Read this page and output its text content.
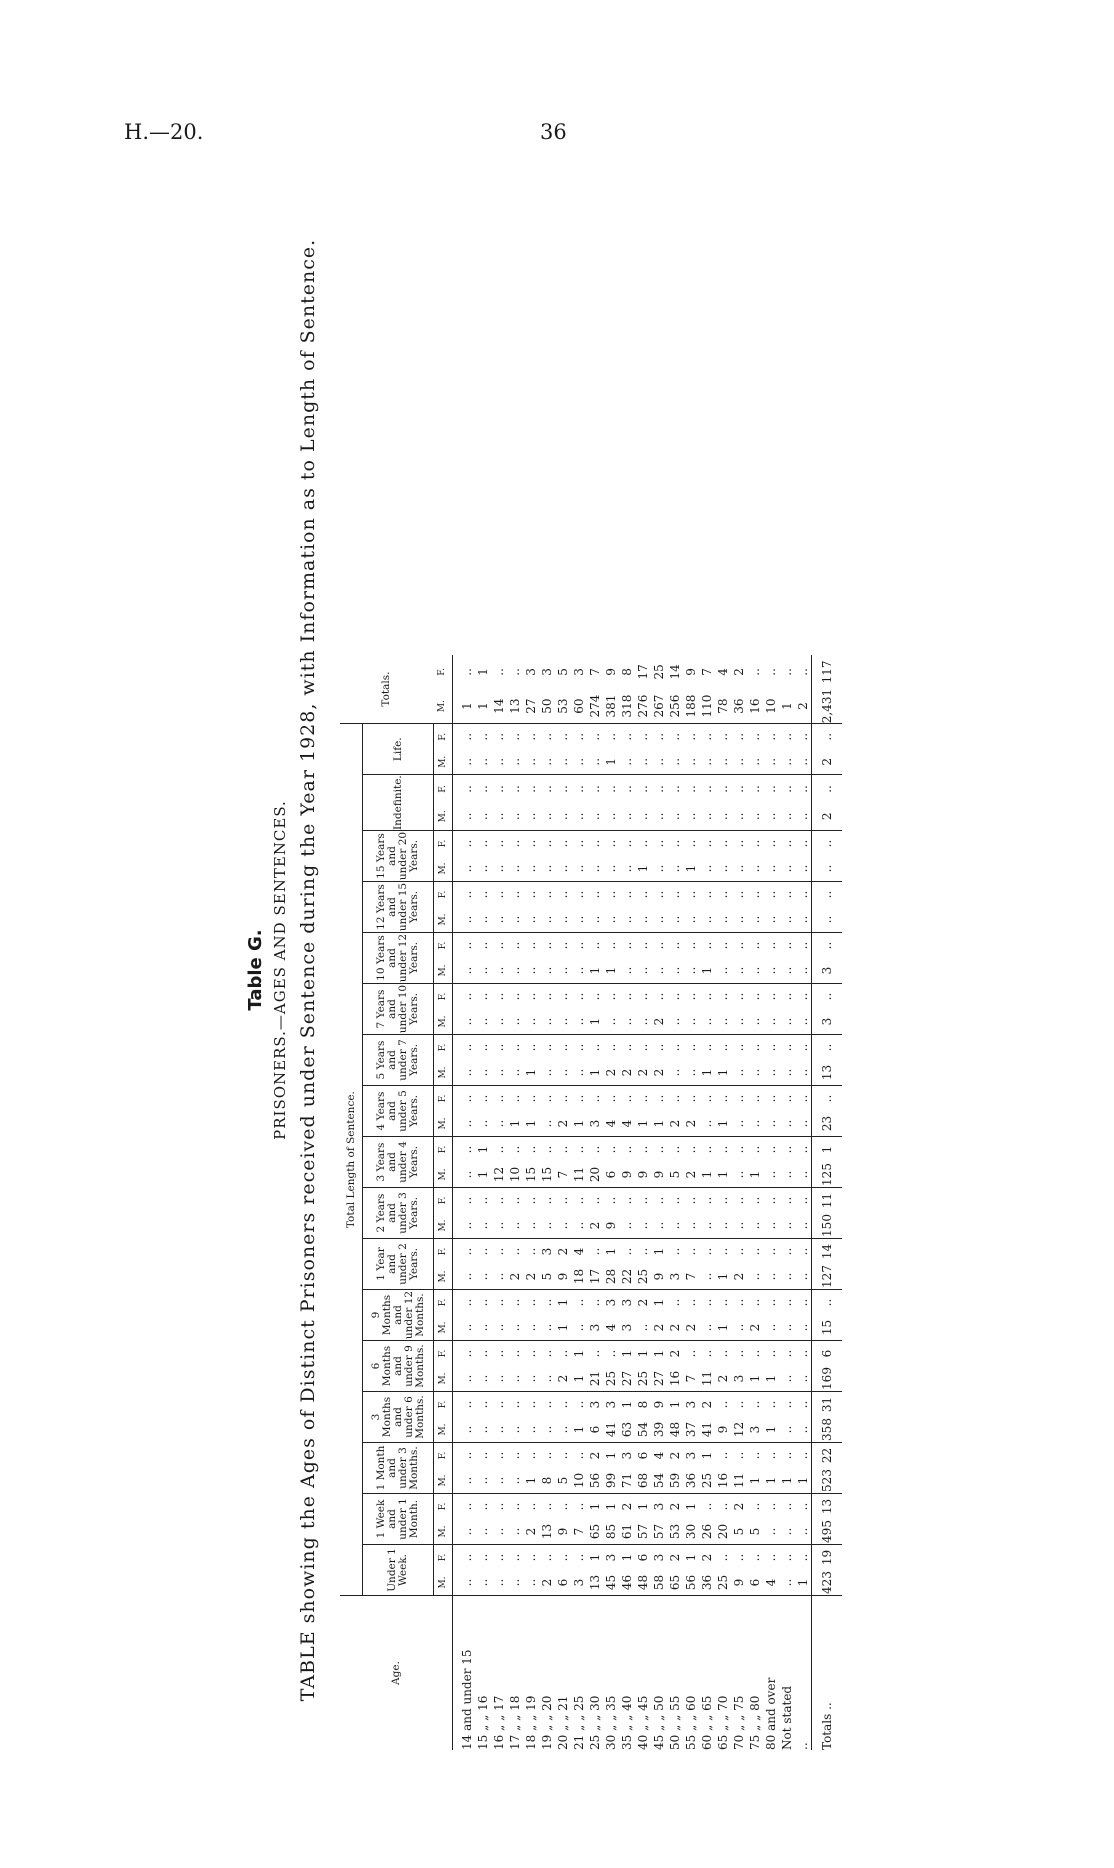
H.—20.	36
Table G. PRISONERS.—AGES AND SENTENCES. TABLE showing the Ages of Distinct Prisoners received under Sentence during the Year 1928, with Information as to Length of Sentence.	Age.	Total Length of Sentence.																																		Totals.	
	Under 1 Week.		1 Week and under 1 Month.		1 Month and under 3 Months.		3 Months and under 6 Months.		6 Months and under 9 Months.		9 Months and under 12 Months.		1 Year and under 2 Years.		2 Years and under 3 Years.		3 Years and under 4 Years.		4 Years and under 5 Years.		5 Years and under 7 Years.		7 Years and under 10 Years.		10 Years and under 12 Years.		12 Years and under 15 Years.		15 Years and under 20 Years.		Indefinite.		Life.			
	M.	F.	M.	F.	M.	F.	M.	F.	M.	F.	M.	F.	M.	F.	M.	F.	M.	F.	M.	F.	M.	F.	M.	F.	M.	F.	M.	F.	M.	F.	M.	F.	M.	F.	M.	F.

14 and under 15	..	..	..	..	..	..	..	..	..	..	..	..	..	..	..	..	..	..	..	..	..	..	..	..	..	..	..	..	..	..	..	..	..	..	1	..
15 „ „ 16	..	..	..	..	..	..	..	..	..	..	..	..	..	..	..	..	1	1	..	..	..	..	..	..	..	..	..	..	..	..	..	..	..	..	1	1
16 „ „ 17	..	..	..	..	..	..	..	..	..	..	..	..	..	..	..	..	12	..	..	..	..	..	..	..	..	..	..	..	..	..	..	..	..	..	14	..
17 „ „ 18	..	..	..	..	..	..	..	..	..	..	..	..	2	..	..	..	10	..	1	..	..	..	..	..	..	..	..	..	..	..	..	..	..	..	13	..
18 „ „ 19	..	..	2	..	1	..	..	..	..	..	..	..	2	..	..	..	15	..	1	..	1	..	..	..	..	..	..	..	..	..	..	..	..	..	27	3
19 „ „ 20	2	..	13	..	8	..	..	..	..	..	..	..	5	3	..	..	15	..	..	..	..	..	..	..	..	..	..	..	..	..	..	..	..	..	50	3
20 „ „ 21	6	..	9	..	5	..	..	..	2	..	1	1	9	2	..	..	7	..	2	..	..	..	..	..	..	..	..	..	..	..	..	..	..	..	53	5
21 „ „ 25	3	..	7	..	10	..	1	..	1	1	..	..	18	4	..	..	11	..	1	..	..	..	..	..	..	..	..	..	..	..	..	..	..	..	60	3
25 „ „ 30	13	1	65	1	56	2	6	3	21	..	3	..	17	..	2	..	20	..	3	..	1	..	1	..	1	..	..	..	..	..	..	..	..	..	274	7
30 „ „ 35	45	3	85	1	99	1	41	3	25	..	4	3	28	1	9	..	6	..	4	..	2	..	..	..	1	..	..	..	..	..	..	..	1	..	381	9
35 „ „ 40	46	1	61	2	71	3	63	1	27	1	3	3	22	..	..	..	9	..	4	..	2	..	..	..	..	..	..	..	..	..	..	..	..	..	318	8
40 „ „ 45	48	6	57	1	68	6	54	8	25	1	..	2	25	..	..	..	9	..	1	..	2	..	..	..	..	..	..	..	1	..	..	..	..	..	276	17
45 „ „ 50	58	3	57	3	54	4	39	9	27	1	2	1	9	1	..	..	9	..	1	..	2	..	2	..	..	..	..	..	..	..	..	..	..	..	267	25
50 „ „ 55	65	2	53	2	59	2	48	1	16	2	2	..	3	..	..	..	5	..	2	..	..	..	..	..	..	..	..	..	..	..	..	..	..	..	256	14
55 „ „ 60	56	1	30	1	36	3	37	3	7	..	2	..	7	..	..	..	2	..	2	..	..	..	..	..	..	..	..	..	1	..	..	..	..	..	188	9
60 „ „ 65	36	2	26	..	25	1	41	2	11	..	..	..	..	..	..	..	1	..	..	..	1	..	..	..	1	..	..	..	..	..	..	..	..	..	110	7
65 „ „ 70	25	..	20	..	16	..	9	..	2	..	1	..	1	..	..	..	1	..	1	..	1	..	..	..	..	..	..	..	..	..	..	..	..	..	78	4
70 „ „ 75	9	..	5	2	11	..	12	..	3	..	..	..	2	..	..	..	..	..	..	..	..	..	..	..	..	..	..	..	..	..	..	..	..	..	36	2
75 „ „ 80	6	..	5	..	1	..	3	..	1	..	2	..	..	..	..	..	1	..	..	..	..	..	..	..	..	..	..	..	..	..	..	..	..	..	16	..
80 and over	4	..	..	..	1	..	1	..	1	..	..	..	..	..	..	..	..	..	..	..	..	..	..	..	..	..	..	..	..	..	..	..	..	..	10	..
Not stated	..	..	..	..	1	..	..	..	..	..	..	..	..	..	..	..	..	..	..	..	..	..	..	..	..	..	..	..	..	..	..	..	..	..	1	..
..	1	..	..	..	1	..	..	..	..	..	..	..	..	..	..	..	..	..	..	..	..	..	..	..	..	..	..	..	..	..	..	..	..	..	2	..
Totals ..	423	19	495	13	523	22	358	31	169	6	15	..	127	14	150	11	125	1	23	..	13	..	3	..	3	..	..	..	..	..	2	..	2	..	2,431	117
